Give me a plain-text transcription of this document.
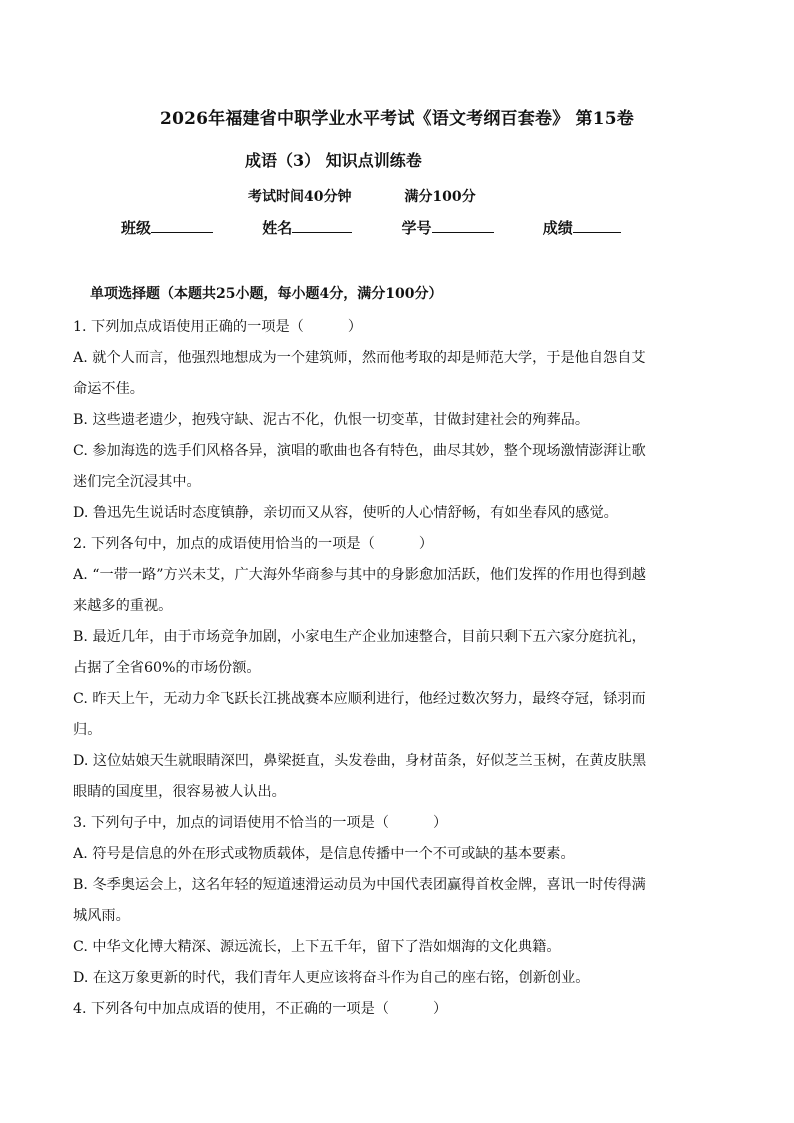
2026年福建省中职学业水平考试《语文考纲百套卷》 第15卷
成语（3） 知识点训练卷
考试时间40分钟	满分100分
班级	姓名	学号	成绩
单项选择题（本题共25小题，每小题4分，满分100分）

1. 下列加点成语使用正确的一项是（	）

A. 就个人而言，他强烈地想成为一个建筑师，然而他考取的却是师范大学，于是他自怨自艾

命运不佳。

B. 这些遗老遗少，抱残守缺、泥古不化，仇恨一切变革，甘做封建社会的殉葬品。

C. 参加海选的选手们风格各异，演唱的歌曲也各有特色，曲尽其妙，整个现场激情澎湃让歌

迷们完全沉浸其中。

D. 鲁迅先生说话时态度镇静，亲切而又从容，使听的人心情舒畅，有如坐春风的感觉。

2. 下列各句中，加点的成语使用恰当的一项是（	）

A. “一带一路”方兴未艾，广大海外华商参与其中的身影愈加活跃，他们发挥的作用也得到越

来越多的重视。

B. 最近几年，由于市场竞争加剧，小家电生产企业加速整合，目前只剩下五六家分庭抗礼，

占据了全省60%的市场份额。

C. 昨天上午，无动力伞飞跃长江挑战赛本应顺利进行，他经过数次努力，最终夺冠，铩羽而

归。

D. 这位姑娘天生就眼睛深凹，鼻梁挺直，头发卷曲，身材苗条，好似芝兰玉树，在黄皮肤黑

眼睛的国度里，很容易被人认出。

3. 下列句子中，加点的词语使用不恰当的一项是（	）

A. 符号是信息的外在形式或物质载体，是信息传播中一个不可或缺的基本要素。

B. 冬季奥运会上，这名年轻的短道速滑运动员为中国代表团赢得首枚金牌，喜讯一时传得满

城风雨。

C. 中华文化博大精深、源远流长，上下五千年，留下了浩如烟海的文化典籍。

D. 在这万象更新的时代，我们青年人更应该将奋斗作为自己的座右铭，创新创业。

4. 下列各句中加点成语的使用，不正确的一项是（	）
